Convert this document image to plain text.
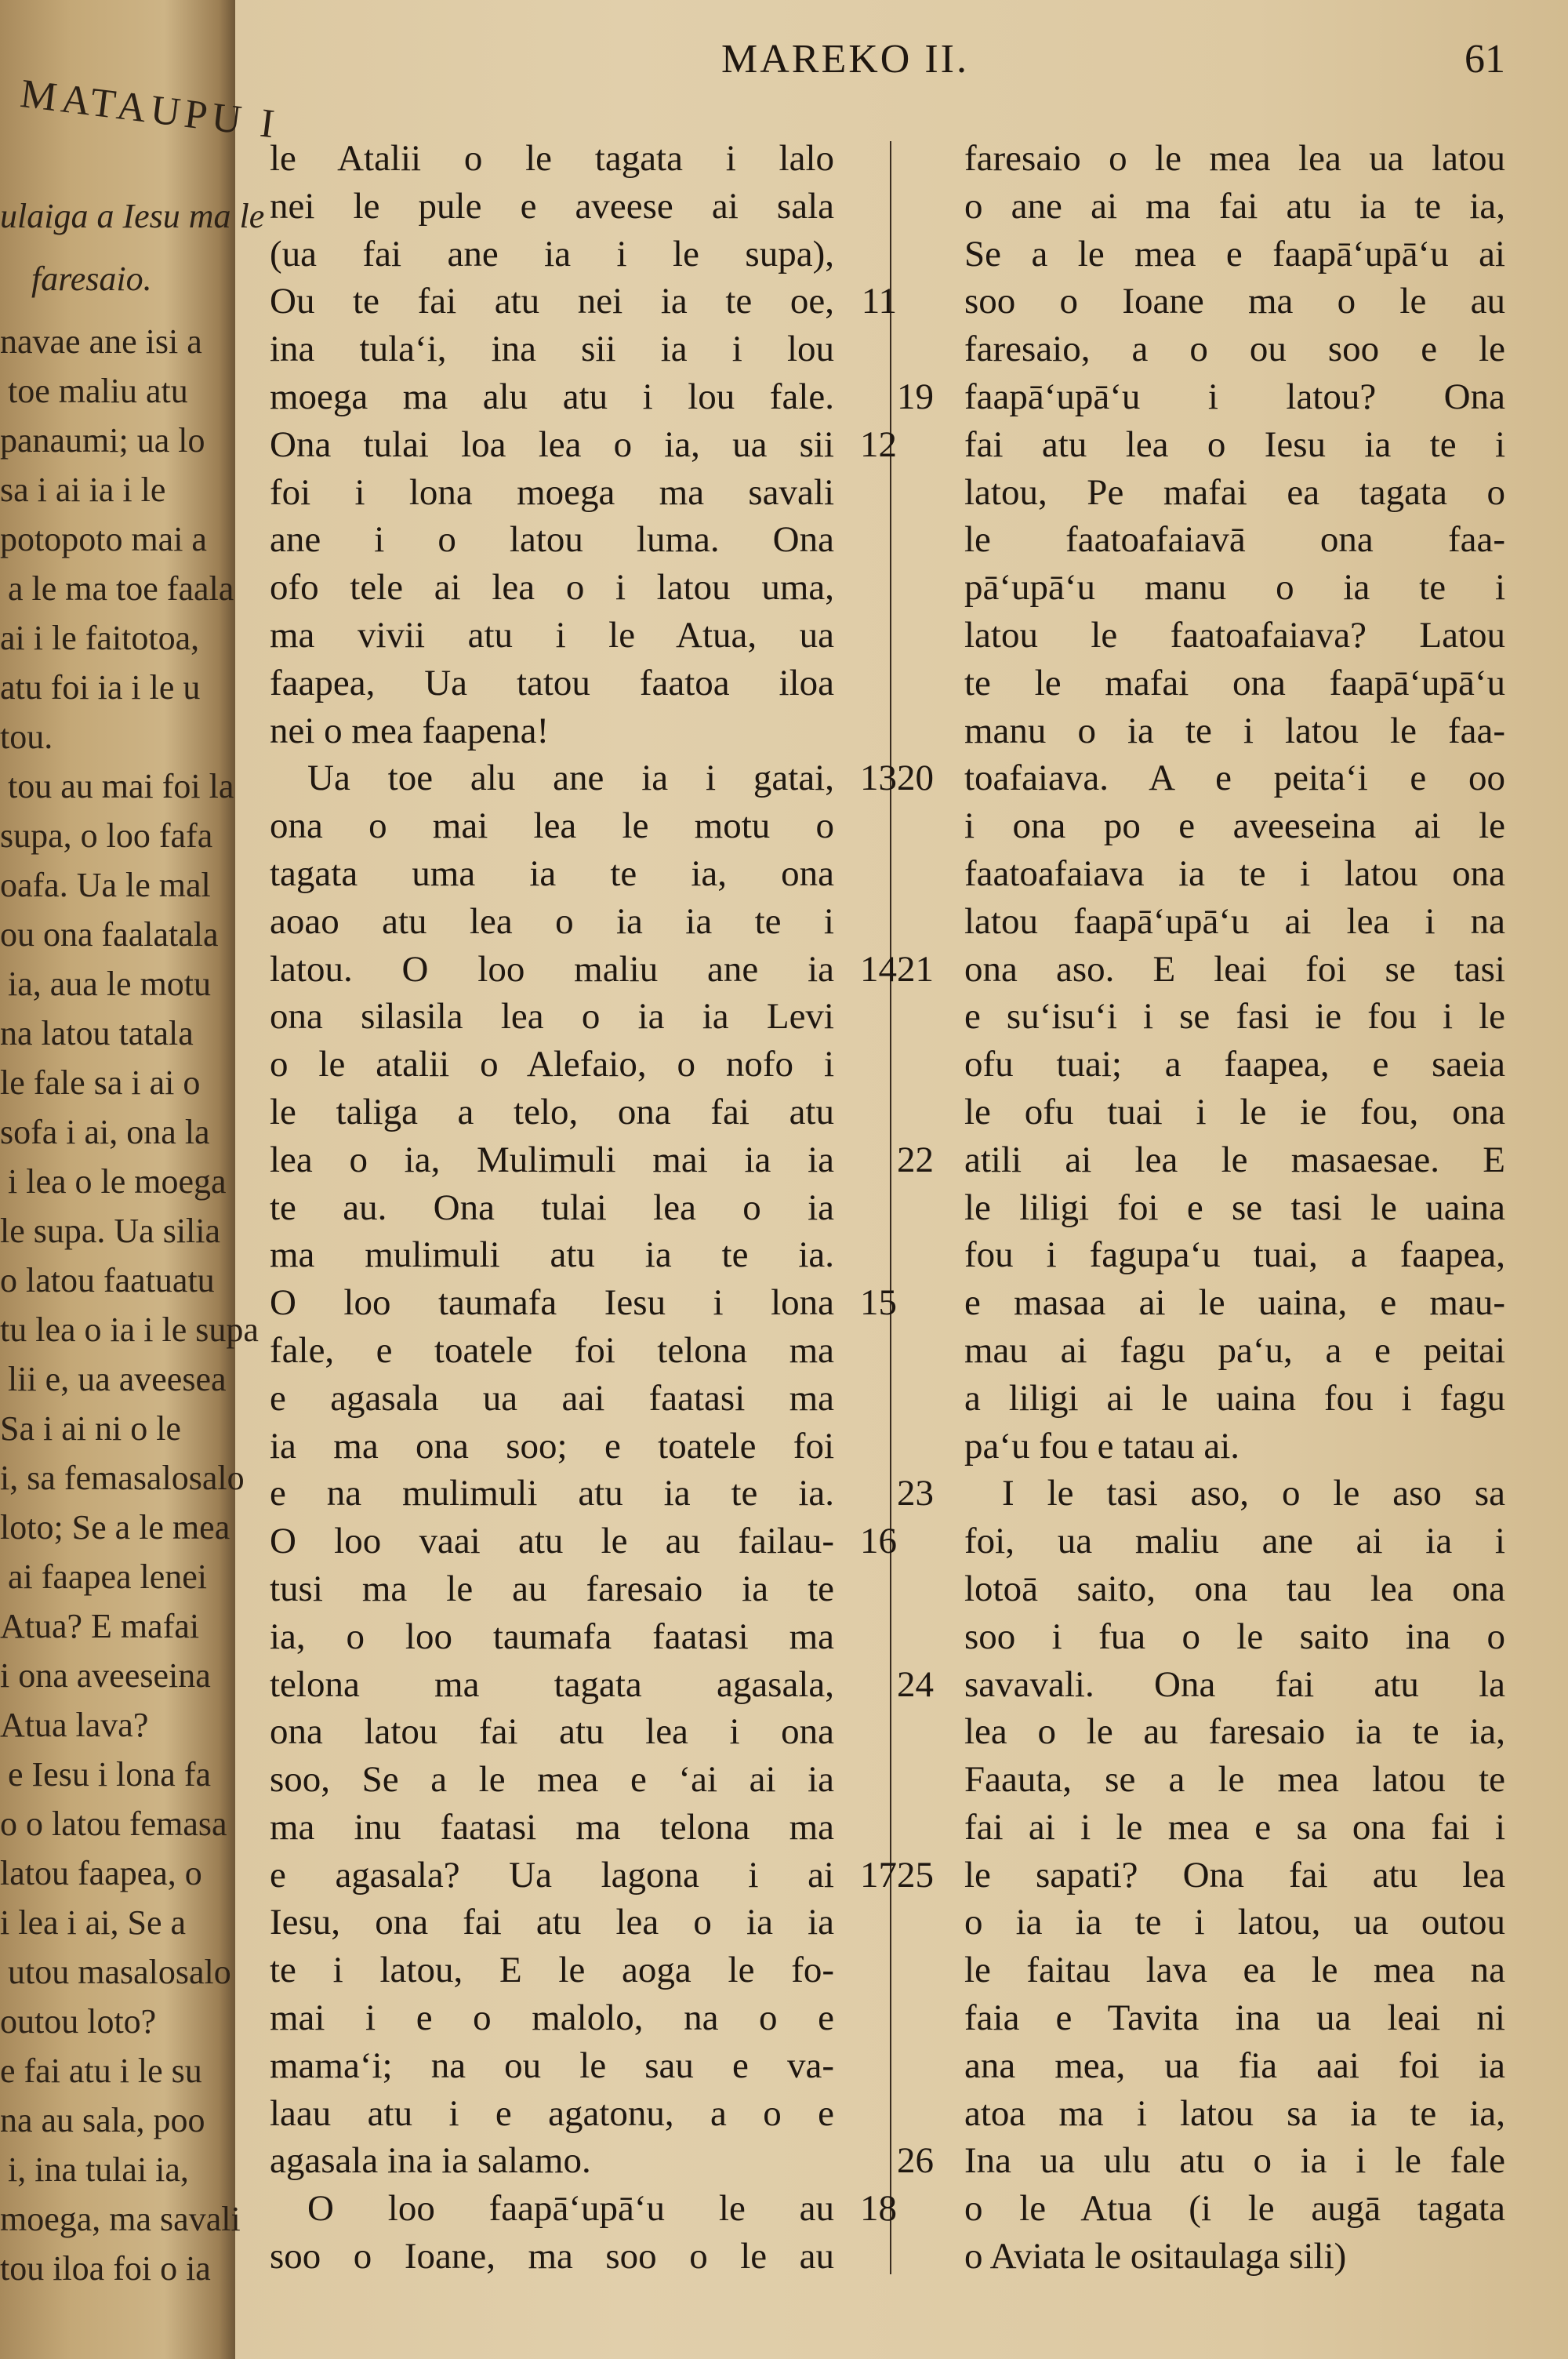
MATAUPU I
ulaiga a Iesu ma le
faresaio.
navae ane isi a
toe maliu atu
panaumi; ua lo
sa i ai ia i le
potopoto mai a
a le ma toe faala
ai i le faitotoa,
atu foi ia i le u
tou.
tou au mai foi la
supa, o loo fafa
oafa. Ua le mal
ou ona faalatala
ia, aua le motu
na latou tatala
le fale sa i ai o
sofa i ai, ona la
i lea o le moega
le supa. Ua silia
o latou faatuatu
tu lea o ia i le supa
lii e, ua aveesea
Sa i ai ni o le
i, sa femasalosalo
loto; Se a le mea
ai faapea lenei
Atua? E mafai
i ona aveeseina
Atua lava?
e Iesu i lona fa
o o latou femasa
latou faapea, o
i lea i ai, Se a
utou masalosalo
outou loto?
e fai atu i le su
na au sala, poo
i, ina tulai ia,
moega, ma savali
tou iloa foi o ia
MAREKO II.	61
le Atalii o le tagata i lalo
nei le pule e aveese ai sala
(ua fai ane ia i le supa),
Ou te fai atu nei ia te oe, 11
ina tula‘i, ina sii ia i lou
moega ma alu atu i lou fale.
Ona tulai loa lea o ia, ua sii 12
foi i lona moega ma savali
ane i o latou luma. Ona
ofo tele ai lea o i latou uma,
ma vivii atu i le Atua, ua
faapea, Ua tatou faatoa iloa
nei o mea faapena!
Ua toe alu ane ia i gatai, 13
ona o mai lea le motu o
tagata uma ia te ia, ona
aoao atu lea o ia ia te i
latou. O loo maliu ane ia 14
ona silasila lea o ia ia Levi
o le atalii o Alefaio, o nofo i
le taliga a telo, ona fai atu
lea o ia, Mulimuli mai ia ia
te au. Ona tulai lea o ia
ma mulimuli atu ia te ia.
O loo taumafa Iesu i lona 15
fale, e toatele foi telona ma
e agasala ua aai faatasi ma
ia ma ona soo; e toatele foi
e na mulimuli atu ia te ia.
O loo vaai atu le au failau- 16
tusi ma le au faresaio ia te
ia, o loo taumafa faatasi ma
telona ma tagata agasala,
ona latou fai atu lea i ona
soo, Se a le mea e ‘ai ai ia
ma inu faatasi ma telona ma
e agasala? Ua lagona i ai 17
Iesu, ona fai atu lea o ia ia
te i latou, E le aoga le fo-
mai i e o malolo, na o e
mama‘i; na ou le sau e va-
laau atu i e agatonu, a o e
agasala ina ia salamo.
O loo faapā‘upā‘u le au 18
soo o Ioane, ma soo o le au
faresaio o le mea lea ua latou
o ane ai ma fai atu ia te ia,
Se a le mea e faapā‘upā‘u ai
soo o Ioane ma o le au
faresaio, a o ou soo e le
19 faapā‘upā‘u i latou? Ona
fai atu lea o Iesu ia te i
latou, Pe mafai ea tagata o
le faatoafaiavā ona faa-
pā‘upā‘u manu o ia te i
latou le faatoafaiava? Latou
te le mafai ona faapā‘upā‘u
manu o ia te i latou le faa-
20 toafaiava. A e peita‘i e oo
i ona po e aveeseina ai le
faatoafaiava ia te i latou ona
latou faapā‘upā‘u ai lea i na
21 ona aso. E leai foi se tasi
e su‘isu‘i i se fasi ie fou i le
ofu tuai; a faapea, e saeia
le ofu tuai i le ie fou, ona
22 atili ai lea le masaesae. E
le liligi foi e se tasi le uaina
fou i fagupa‘u tuai, a faapea,
e masaa ai le uaina, e mau-
mau ai fagu pa‘u, a e peitai
a liligi ai le uaina fou i fagu
pa‘u fou e tatau ai.
23	I le tasi aso, o le aso sa
foi, ua maliu ane ai ia i
lotoā saito, ona tau lea ona
soo i fua o le saito ina o
24 savavali. Ona fai atu la
lea o le au faresaio ia te ia,
Faauta, se a le mea latou te
fai ai i le mea e sa ona fai i
25 le sapati? Ona fai atu lea
o ia ia te i latou, ua outou
le faitau lava ea le mea na
faia e Tavita ina ua leai ni
ana mea, ua fia aai foi ia
atoa ma i latou sa ia te ia,
26 Ina ua ulu atu o ia i le fale
o le Atua (i le augā tagata
o Aviata le ositaulaga sili)
